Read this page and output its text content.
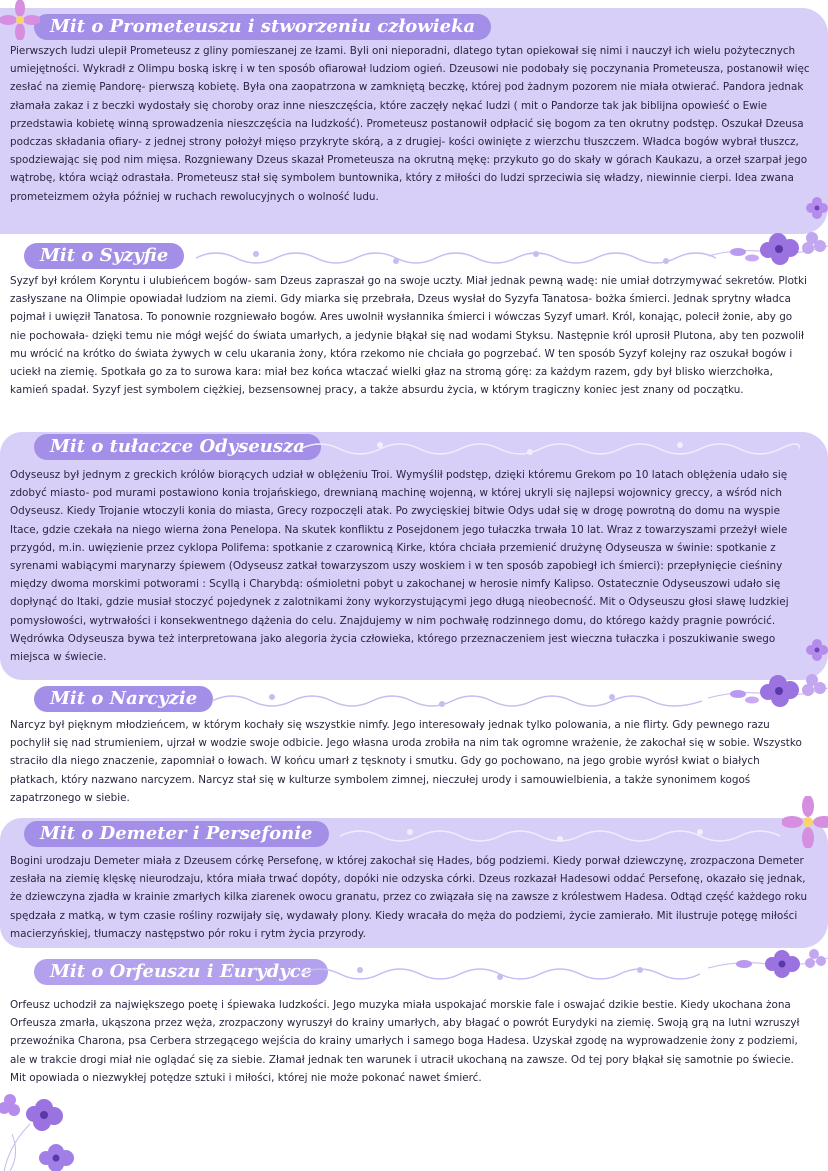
Mit o Prometeuszu i stworzeniu człowieka

Pierwszych ludzi ulepił Prometeusz z gliny pomieszanej ze łzami. Byli oni nieporadni, dlatego tytan opiekował się nimi i nauczył ich wielu pożytecznych umiejętności. Wykradł z Olimpu boską iskrę i w ten sposób ofiarował ludziom ogień. Dzeusowi nie podobały się poczynania Prometeusza, postanowił więc zesłać na ziemię Pandorę- pierwszą kobietę. Była ona zaopatrzona w zamkniętą beczkę, której pod żadnym pozorem nie miała otwierać. Pandora jednak złamała zakaz i z beczki wydostały się choroby oraz inne nieszczęścia, które zaczęły nękać ludzi ( mit o Pandorze tak jak biblijna opowieść o Ewie przedstawia kobietę winną sprowadzenia nieszczęścia na ludzkość). Prometeusz postanowił odpłacić się bogom za ten okrutny podstęp. Oszukał Dzeusa podczas składania ofiary- z jednej strony położył mięso przykryte skórą, a z drugiej- kości owinięte z wierzchu tłuszczem. Władca bogów wybrał tłuszcz, spodziewając się pod nim mięsa. Rozgniewany Dzeus skazał Prometeusza na okrutną mękę: przykuto go do skały w górach Kaukazu, a orzeł szarpał jego wątrobę, która wciąż odrastała. Prometeusz stał się symbolem buntownika, który z miłości do ludzi sprzeciwia się władzy, niewinnie cierpi. Idea zwana prometeizmem ożyła później w ruchach rewolucyjnych o wolność ludu.

Mit o Syzyfie

Syzyf był królem Koryntu i ulubieńcem bogów- sam Dzeus zapraszał go na swoje uczty. Miał jednak pewną wadę: nie umiał dotrzymywać sekretów. Plotki zasłyszane na Olimpie opowiadał ludziom na ziemi. Gdy miarka się przebrała, Dzeus wysłał do Syzyfa Tanatosa- bożka śmierci. Jednak sprytny władca pojmał i uwięził Tanatosa. To ponownie rozgniewało bogów. Ares uwolnił wysłannika śmierci i wówczas Syzyf umarł. Król, konając, polecił żonie, aby go nie pochowała- dzięki temu nie mógł wejść do świata umarłych, a jedynie błąkał się nad wodami Styksu. Następnie król uprosił Plutona, aby ten pozwolił mu wrócić na krótko do świata żywych w celu ukarania żony, która rzekomo nie chciała go pogrzebać. W ten sposób Syzyf kolejny raz oszukał bogów i uciekł na ziemię. Spotkała go za to surowa kara: miał bez końca wtaczać wielki głaz na stromą górę: za każdym razem, gdy był blisko wierzchołka, kamień spadał. Syzyf jest symbolem ciężkiej, bezsensownej pracy, a także absurdu życia, w którym tragiczny koniec jest znany od początku.

Mit o tułaczce Odyseusza

Odyseusz był jednym z greckich królów biorących udział w oblężeniu Troi. Wymyślił podstęp, dzięki któremu Grekom po 10 latach oblężenia udało się zdobyć miasto- pod murami postawiono konia trojańskiego, drewnianą machinę wojenną, w której ukryli się najlepsi wojownicy greccy, a wśród nich Odyseusz. Kiedy Trojanie wtoczyli konia do miasta, Grecy rozpoczęli atak. Po zwycięskiej bitwie Odys udał się w drogę powrotną do domu na wyspie Itace, gdzie czekała na niego wierna żona Penelopa. Na skutek konfliktu z Posejdonem jego tułaczka trwała 10 lat. Wraz z towarzyszami przeżył wiele przygód, m.in. uwięzienie przez cyklopa Polifema: spotkanie z czarownicą Kirke, która chciała przemienić drużynę Odyseusza w świnie: spotkanie z syrenami wabiącymi marynarzy śpiewem (Odyseusz zatkał towarzyszom uszy woskiem i w ten sposób zapobiegł ich śmierci): przepłynięcie cieśniny między dwoma morskimi potworami : Scyllą i Charybdą: ośmioletni pobyt u zakochanej w herosie nimfy Kalipso. Ostatecznie Odyseuszowi udało się dopłynąć do Itaki, gdzie musiał stoczyć pojedynek z zalotnikami żony wykorzystującymi jego długą nieobecność. Mit o Odyseuszu głosi sławę ludzkiej pomysłowości, wytrwałości i konsekwentnego dążenia do celu. Znajdujemy w nim pochwałę rodzinnego domu, do którego każdy pragnie powrócić. Wędrówka Odyseusza bywa też interpretowana jako alegoria życia człowieka, którego przeznaczeniem jest wieczna tułaczka i poszukiwanie swego miejsca w świecie.

Mit o Narcyzie

Narcyz był pięknym młodzieńcem, w którym kochały się wszystkie nimfy. Jego interesowały jednak tylko polowania, a nie flirty. Gdy pewnego razu pochylił się nad strumieniem, ujrzał w wodzie swoje odbicie. Jego własna uroda zrobiła na nim tak ogromne wrażenie, że zakochał się w sobie. Wszystko straciło dla niego znaczenie, zapomniał o łowach. W końcu umarł z tęsknoty i smutku. Gdy go pochowano, na jego grobie wyrósł kwiat o białych płatkach, który nazwano narcyzem. Narcyz stał się w kulturze symbolem zimnej, nieczułej urody i samouwielbienia, a także synonimem kogoś zapatrzonego w siebie.

Mit o Demeter i Persefonie

Bogini urodzaju Demeter miała z Dzeusem córkę Persefonę, w której zakochał się Hades, bóg podziemi. Kiedy porwał dziewczynę, zrozpaczona Demeter zesłała na ziemię klęskę nieurodzaju, która miała trwać dopóty, dopóki nie odzyska córki. Dzeus rozkazał Hadesowi oddać Persefonę, okazało się jednak, że dziewczyna zjadła w krainie zmarłych kilka ziarenek owocu granatu, przez co związała się na zawsze z królestwem Hadesa. Odtąd część każdego roku spędzała z matką, w tym czasie rośliny rozwijały się, wydawały plony. Kiedy wracała do męża do podziemi, życie zamierało. Mit ilustruje potęgę miłości macierzyńskiej, tłumaczy następstwo pór roku i rytm życia przyrody.

Mit o Orfeuszu i Eurydyce

Orfeusz uchodził za największego poetę i śpiewaka ludzkości. Jego muzyka miała uspokajać morskie fale i oswajać dzikie bestie. Kiedy ukochana żona Orfeusza zmarła, ukąszona przez węża, zrozpaczony wyruszył do krainy umarłych, aby błagać o powrót Eurydyki na ziemię. Swoją grą na lutni wzruszył przewoźnika Charona, psa Cerbera strzegącego wejścia do krainy umarłych i samego boga Hadesa. Uzyskał zgodę na wyprowadzenie żony z podziemi, ale w trakcie drogi miał nie oglądać się za siebie. Złamał jednak ten warunek i utracił ukochaną na zawsze. Od tej pory błąkał się samotnie po świecie. Mit opowiada o niezwykłej potędze sztuki i miłości, której nie może pokonać nawet śmierć.
